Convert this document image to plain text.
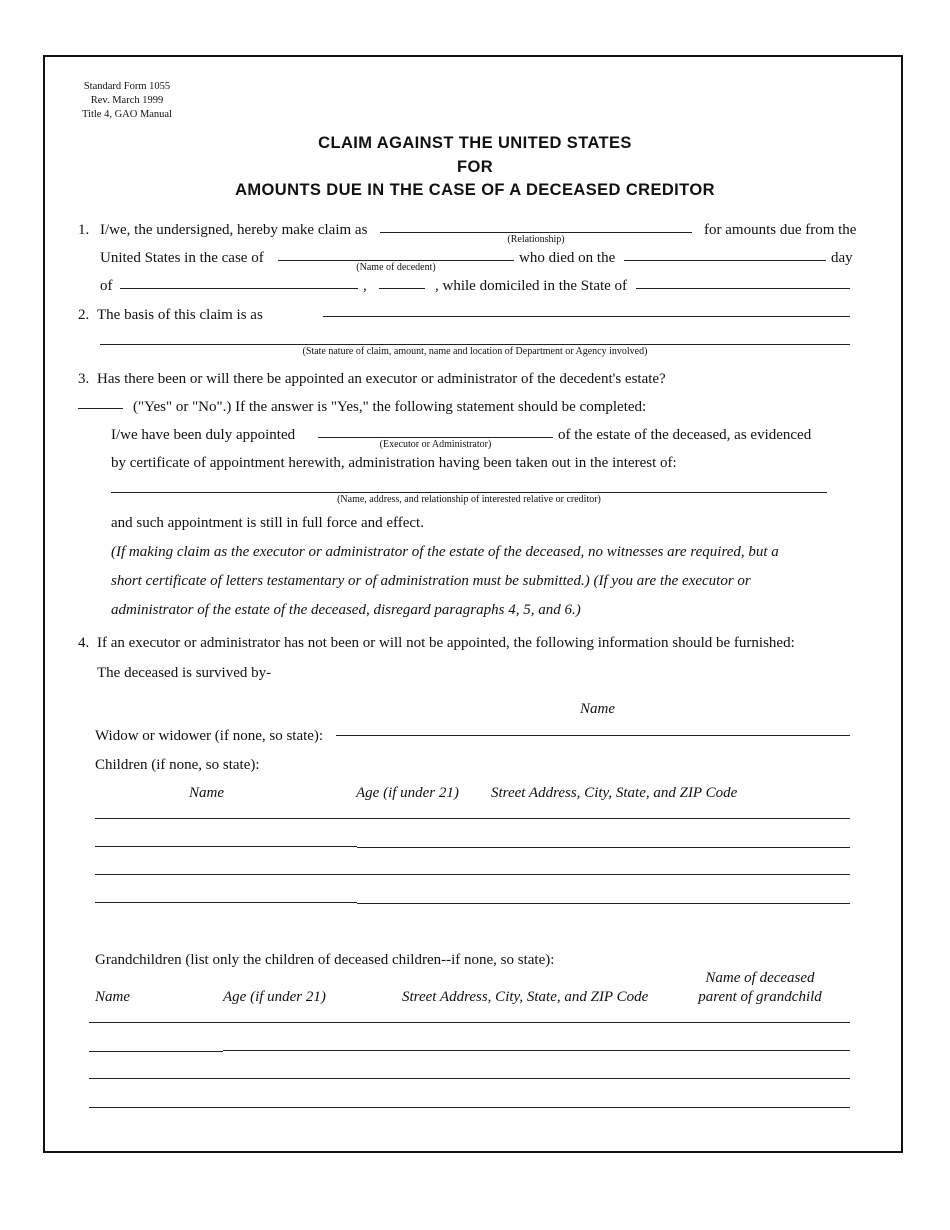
Standard Form 1055
Rev. March 1999
Title 4, GAO Manual
CLAIM AGAINST THE UNITED STATES
FOR
AMOUNTS DUE IN THE CASE OF A DECEASED CREDITOR
1. I/we, the undersigned, hereby make claim as
(Relationship)
for amounts due from the
United States in the case of
(Name of decedent)
who died on the	day
of	,	, while domiciled in the State of
2. The basis of this claim is as
(State nature of claim, amount, name and location of Department or Agency involved)
3. Has there been or will there be appointed an executor or administrator of the decedent's estate?
("Yes" or "No".) If the answer is "Yes," the following statement should be completed:
I/we have been duly appointed
(Executor or Administrator)
of the estate of the deceased, as evidenced
by certificate of appointment herewith, administration having been taken out in the interest of:
(Name, address, and relationship of interested relative or creditor)
and such appointment is still in full force and effect.
(If making claim as the executor or administrator of the estate of the deceased, no witnesses are required, but a
short certificate of letters testamentary or of administration must be submitted.) (If you are the executor or
administrator of the estate of the deceased, disregard paragraphs 4, 5, and 6.)
4. If an executor or administrator has not been or will not be appointed, the following information should be furnished:
The deceased is survived by-
Name
Widow or widower (if none, so state):
Children (if none, so state):
Name	Age (if under 21) Street Address, City, State, and ZIP Code
Grandchildren (list only the children of deceased children--if none, so state):
Name	Age (if under 21)	Street Address, City, State, and ZIP Code
Name of deceased
parent of grandchild
